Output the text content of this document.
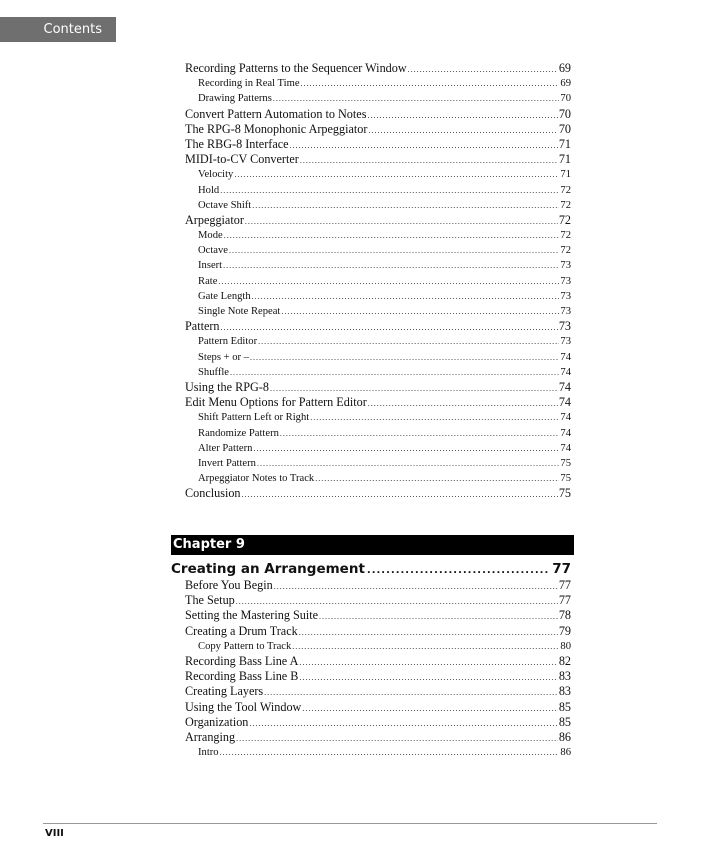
Contents
Recording Patterns to the Sequencer Window .....	69
Recording in Real Time .....	69
Drawing Patterns .....	70
Convert Pattern Automation to Notes .....	70
The RPG-8 Monophonic Arpeggiator .....	70
The RBG-8 Interface .....	71
MIDI-to-CV Converter .....	71
Velocity .....	71
Hold .....	72
Octave Shift .....	72
Arpeggiator .....	72
Mode .....	72
Octave .....	72
Insert .....	73
Rate .....	73
Gate Length .....	73
Single Note Repeat .....	73
Pattern .....	73
Pattern Editor .....	73
Steps + or – .....	74
Shuffle .....	74
Using the RPG-8 .....	74
Edit Menu Options for Pattern Editor .....	74
Shift Pattern Left or Right .....	74
Randomize Pattern .....	74
Alter Pattern .....	74
Invert Pattern .....	75
Arpeggiator Notes to Track .....	75
Conclusion .....	75
Chapter 9
Creating an Arrangement .....	77
Before You Begin .....	77
The Setup .....	77
Setting the Mastering Suite .....	78
Creating a Drum Track .....	79
Copy Pattern to Track .....	80
Recording Bass Line A .....	82
Recording Bass Line B .....	83
Creating Layers .....	83
Using the Tool Window .....	85
Organization .....	85
Arranging .....	86
Intro .....	86
VIII
